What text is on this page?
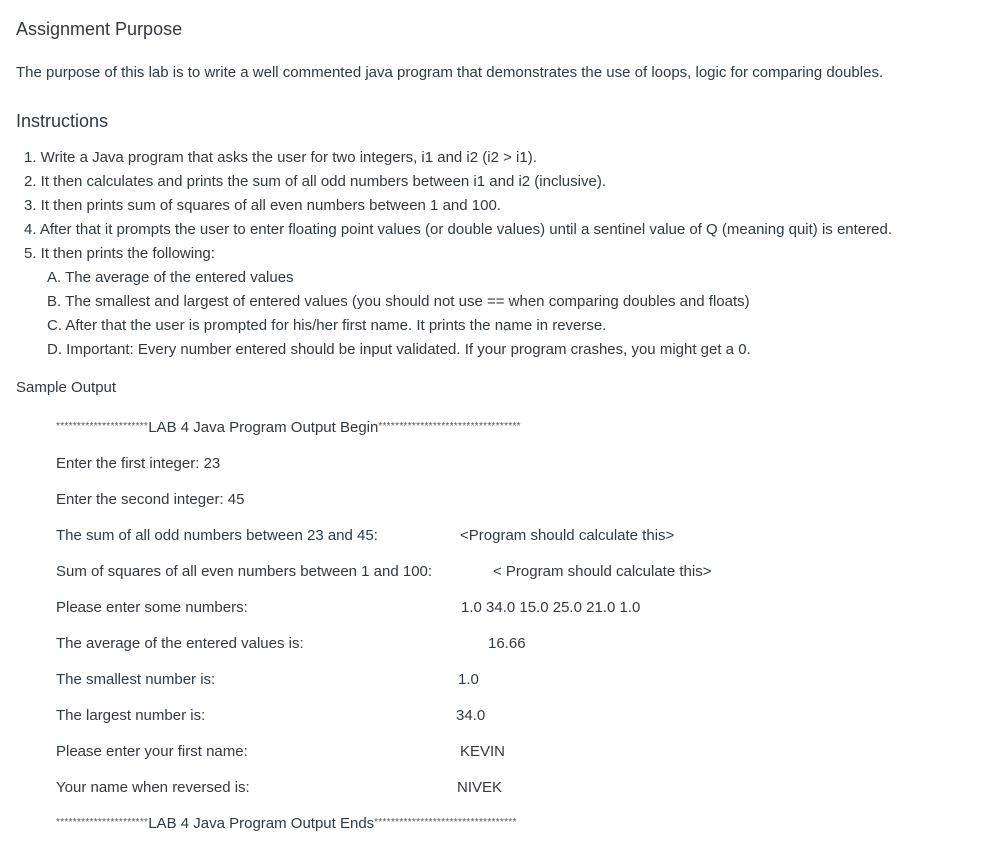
Assignment Purpose
The purpose of this lab is to write a well commented java program that demonstrates the use of loops, logic for comparing doubles.
Instructions
1. Write a Java program that asks the user for two integers, i1 and i2 (i2 > i1).
2. It then calculates and prints the sum of all odd numbers between i1 and i2 (inclusive).
3. It then prints sum of squares of all even numbers between 1 and 100.
4. After that it prompts the user to enter floating point values (or double values) until a sentinel value of Q (meaning quit) is entered.
5. It then prints the following:
A. The average of the entered values
B. The smallest and largest of entered values (you should not use == when comparing doubles and floats)
C. After that the user is prompted for his/her first name. It prints the name in reverse.
D. Important: Every number entered should be input validated. If your program crashes, you might get a 0.
Sample Output
**********************LAB 4 Java Program Output Begin**********************************
Enter the first integer: 23
Enter the second integer: 45
The sum of all odd numbers between 23 and 45:	<Program should calculate this>
Sum of squares of all even numbers between 1 and 100:	< Program should calculate this>
Please enter some numbers:	1.0 34.0 15.0 25.0 21.0 1.0
The average of the entered values is:	16.66
The smallest number is:	1.0
The largest number is:	34.0
Please enter your first name:	KEVIN
Your name when reversed is:	NIVEK
**********************LAB 4 Java Program Output Ends**********************************
